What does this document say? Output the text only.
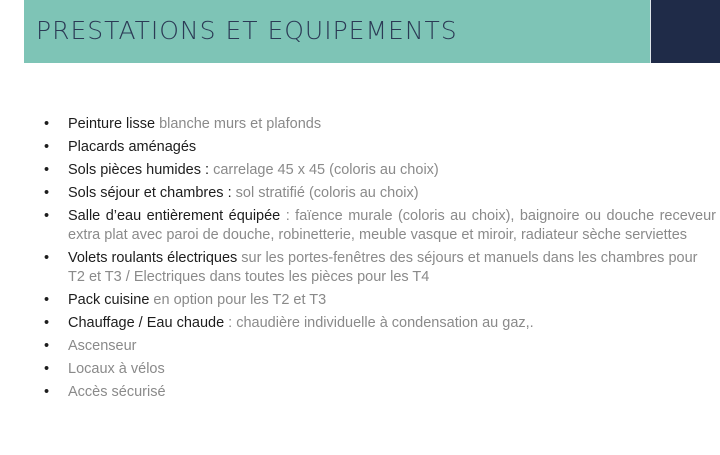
PRESTATIONS ET EQUIPEMENTS
• Peinture lisse blanche murs et plafonds
• Placards aménagés
• Sols pièces humides : carrelage 45 x 45 (coloris au choix)
• Sols séjour et chambres : sol stratifié (coloris au choix)
• Salle d’eau entièrement équipée : faïence murale (coloris au choix), baignoire ou douche receveur extra plat avec paroi de douche, robinetterie, meuble vasque et miroir, radiateur sèche serviettes
• Volets roulants électriques sur les portes-fenêtres des séjours et manuels dans les chambres pour T2 et T3 / Electriques dans toutes les pièces pour les T4
• Pack cuisine en option pour les T2 et T3
• Chauffage / Eau chaude : chaudière individuelle à condensation au gaz,.
• Ascenseur
• Locaux à vélos
• Accès sécurisé
